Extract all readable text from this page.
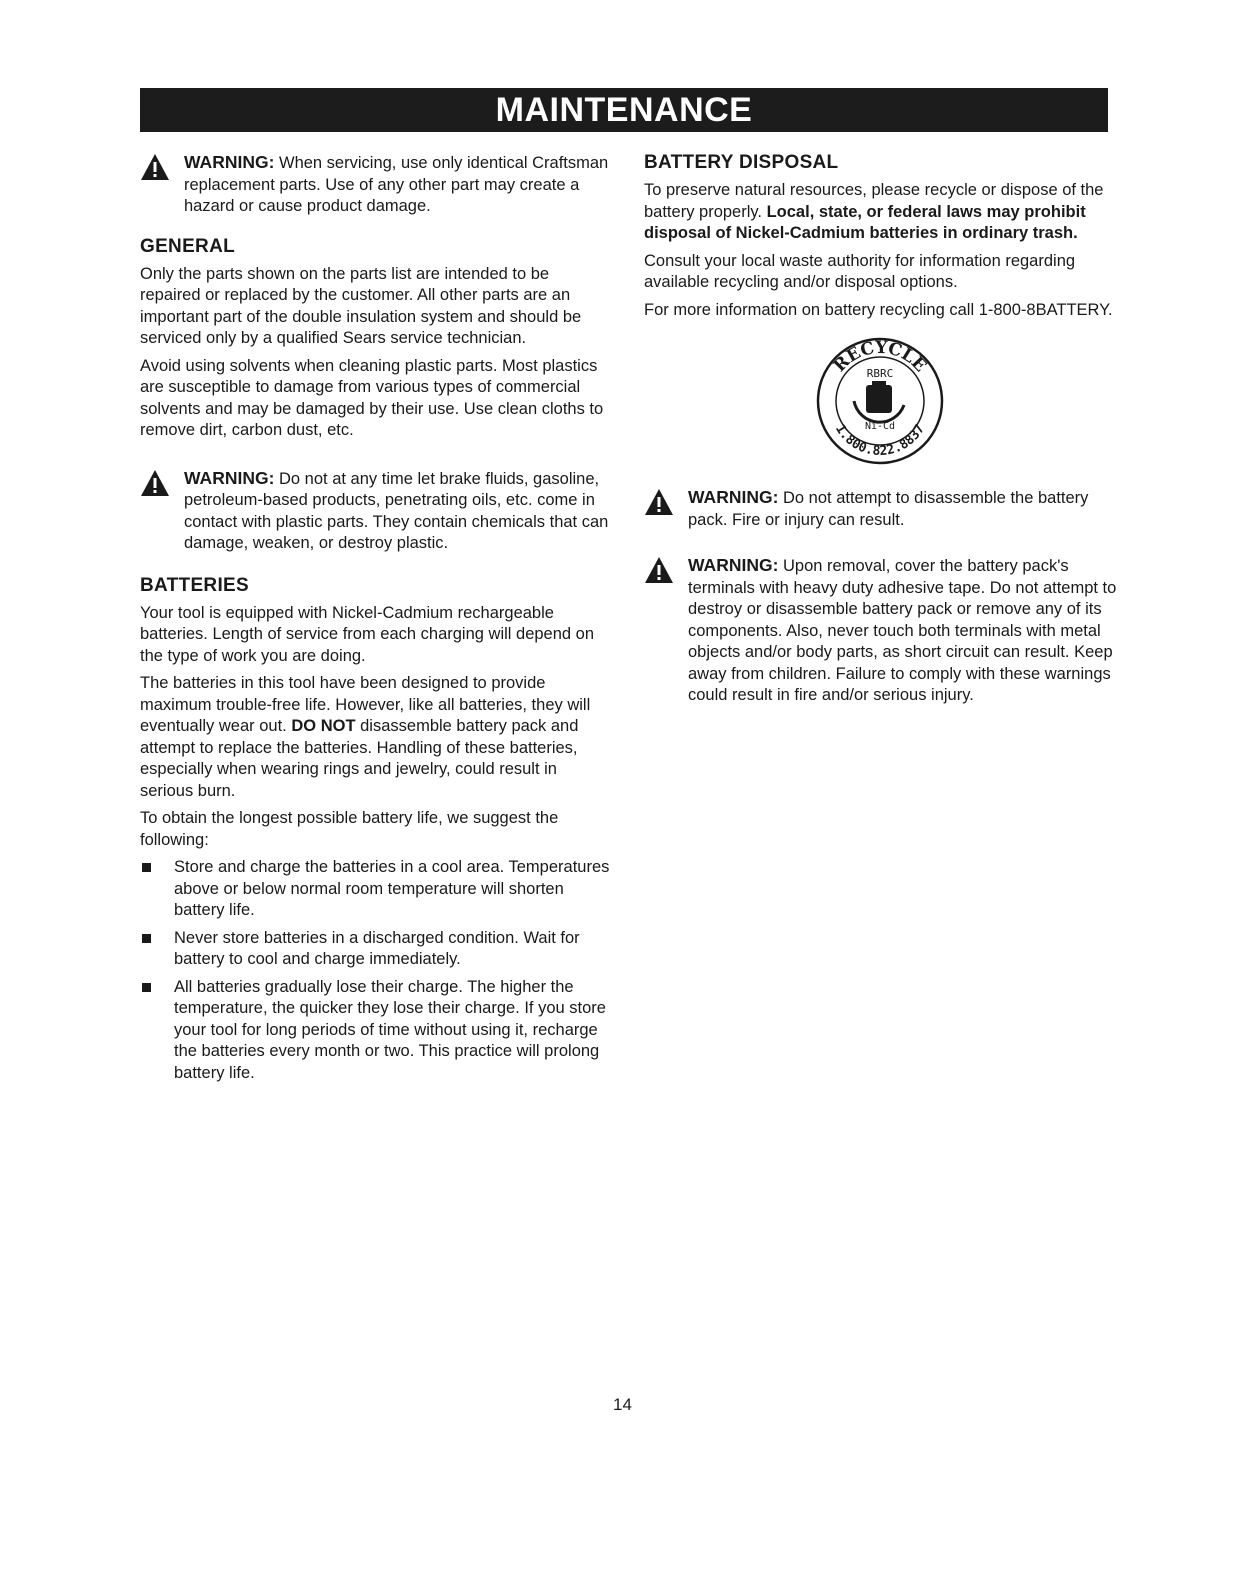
MAINTENANCE
WARNING: When servicing, use only identical Craftsman replacement parts. Use of any other part may create a hazard or cause product damage.
GENERAL

Only the parts shown on the parts list are intended to be repaired or replaced by the customer. All other parts are an important part of the double insulation system and should be serviced only by a qualified Sears service technician.

Avoid using solvents when cleaning plastic parts. Most plastics are susceptible to damage from various types of commercial solvents and may be damaged by their use. Use clean cloths to remove dirt, carbon dust, etc.

WARNING: Do not at any time let brake fluids, gasoline, petroleum-based products, penetrating oils, etc. come in contact with plastic parts. They contain chemicals that can damage, weaken, or destroy plastic.
BATTERIES

Your tool is equipped with Nickel-Cadmium rechargeable batteries. Length of service from each charging will depend on the type of work you are doing.

The batteries in this tool have been designed to provide maximum trouble-free life. However, like all batteries, they will eventually wear out. DO NOT disassemble battery pack and attempt to replace the batteries. Handling of these batteries, especially when wearing rings and jewelry, could result in serious burn.

To obtain the longest possible battery life, we suggest the following:

Store and charge the batteries in a cool area. Temperatures above or below normal room temperature will shorten battery life.
Never store batteries in a discharged condition. Wait for battery to cool and charge immediately.
All batteries gradually lose their charge. The higher the temperature, the quicker they lose their charge. If you store your tool for long periods of time without using it, recharge the batteries every month or two. This practice will prolong battery life.
BATTERY DISPOSAL

To preserve natural resources, please recycle or dispose of the battery properly. Local, state, or federal laws may prohibit disposal of Nickel-Cadmium batteries in ordinary trash.

Consult your local waste authority for information regarding available recycling and/or disposal options.

For more information on battery recycling call 1-800-8BATTERY.

RECYCLE
1.800.822.8837
RBRC
Ni-Cd
WARNING: Do not attempt to disassemble the battery pack. Fire or injury can result.
WARNING: Upon removal, cover the battery pack's terminals with heavy duty adhesive tape. Do not attempt to destroy or disassemble battery pack or remove any of its components. Also, never touch both terminals with metal objects and/or body parts, as short circuit can result. Keep away from children. Failure to comply with these warnings could result in fire and/or serious injury.
14
